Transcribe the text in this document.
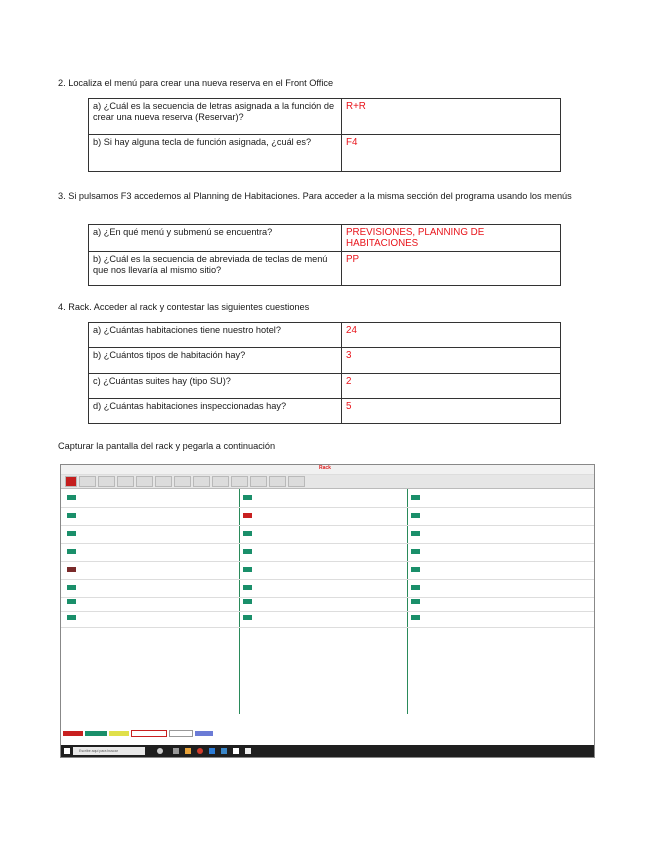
2. Localiza el menú para crear una nueva reserva en el Front Office
a) ¿Cuál es la secuencia de letras asignada a la función de crear una nueva reserva (Reservar)?	R+R
b) Si hay alguna tecla de función asignada, ¿cuál es?	F4
3. Si pulsamos F3 accedemos al Planning de Habitaciones. Para acceder a la misma sección del programa usando los menús
a) ¿En qué menú y submenú se encuentra?	PREVISIONES, PLANNING DE HABITACIONES
b) ¿Cuál es la secuencia de abreviada de teclas de menú que nos llevaría al mismo sitio?	PP
4. Rack. Acceder al rack y contestar las siguientes cuestiones
a) ¿Cuántas habitaciones tiene nuestro hotel?	24
b) ¿Cuántos tipos de habitación hay?	3
c) ¿Cuántas suites hay (tipo SU)?	2
d) ¿Cuántas habitaciones inspeccionadas hay?	5
Capturar la pantalla del rack y pegarla a continuación
Rack
Escribe aquí para buscar
